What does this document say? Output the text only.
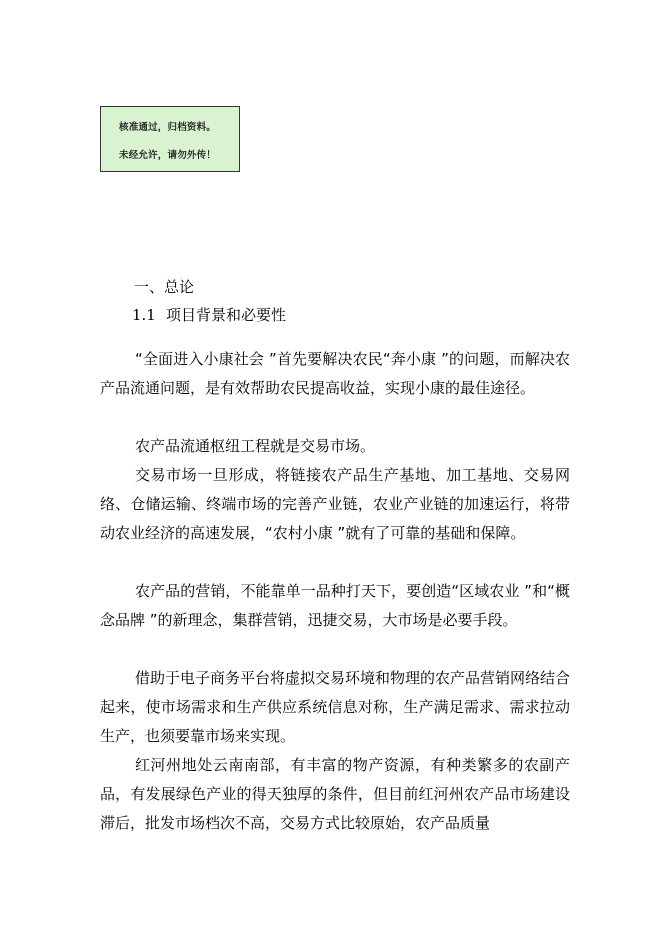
核准通过，归档资料。
未经允许，请勿外传！
一、总论
1.1 项目背景和必要性

“全面进入小康社会 ”首先要解决农民“奔小康 ”的问题，而解决农产品流通问题，是有效帮助农民提高收益，实现小康的最佳途径。

农产品流通枢纽工程就是交易市场。

交易市场一旦形成，将链接农产品生产基地、加工基地、交易网络、仓储运输、终端市场的完善产业链，农业产业链的加速运行，将带动农业经济的高速发展，“农村小康 ”就有了可靠的基础和保障。

农产品的营销，不能靠单一品种打天下，要创造“区域农业 ”和“概念品牌 ”的新理念，集群营销，迅捷交易，大市场是必要手段。

借助于电子商务平台将虚拟交易环境和物理的农产品营销网络结合起来，使市场需求和生产供应系统信息对称，生产满足需求、需求拉动生产，也须要靠市场来实现。

红河州地处云南南部，有丰富的物产资源，有种类繁多的农副产品，有发展绿色产业的得天独厚的条件，但目前红河州农产品市场建设滞后，批发市场档次不高，交易方式比较原始，农产品质量
